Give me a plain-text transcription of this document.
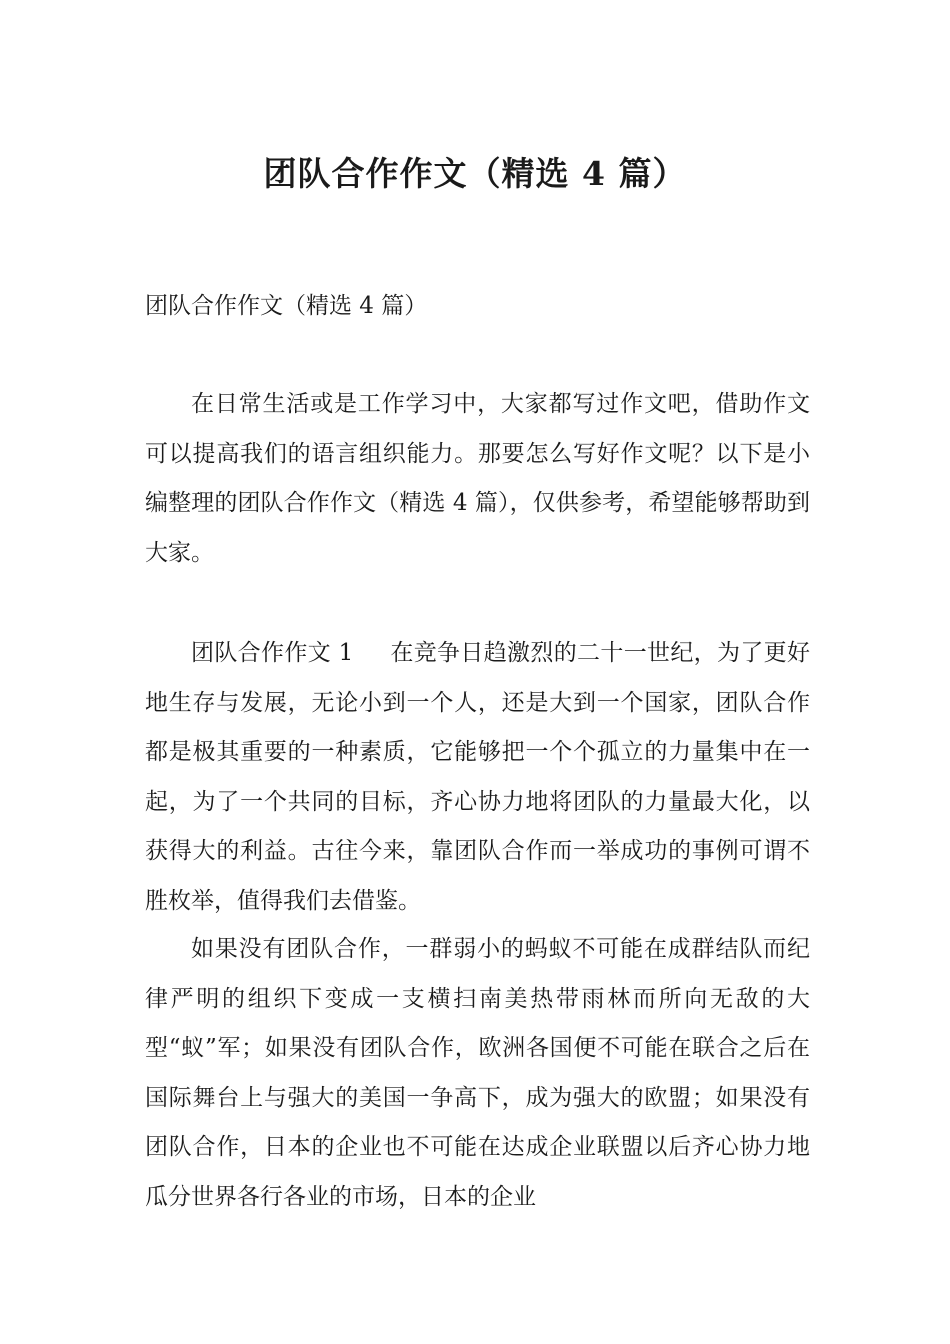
团队合作作文（精选 4 篇）

团队合作作文（精选 4 篇）

在日常生活或是工作学习中，大家都写过作文吧，借助作文可以提高我们的语言组织能力。那要怎么写好作文呢？以下是小编整理的团队合作作文（精选 4 篇），仅供参考，希望能够帮助到大家。

团队合作作文 1 在竞争日趋激烈的二十一世纪，为了更好地生存与发展，无论小到一个人，还是大到一个国家，团队合作都是极其重要的一种素质，它能够把一个个孤立的力量集中在一起，为了一个共同的目标，齐心协力地将团队的力量最大化，以获得大的利益。古往今来，靠团队合作而一举成功的事例可谓不胜枚举，值得我们去借鉴。

如果没有团队合作，一群弱小的蚂蚁不可能在成群结队而纪律严明的组织下变成一支横扫南美热带雨林而所向无敌的大型“蚁”军；如果没有团队合作，欧洲各国便不可能在联合之后在国际舞台上与强大的美国一争高下，成为强大的欧盟；如果没有团队合作，日本的企业也不可能在达成企业联盟以后齐心协力地瓜分世界各行各业的市场，日本的企业
